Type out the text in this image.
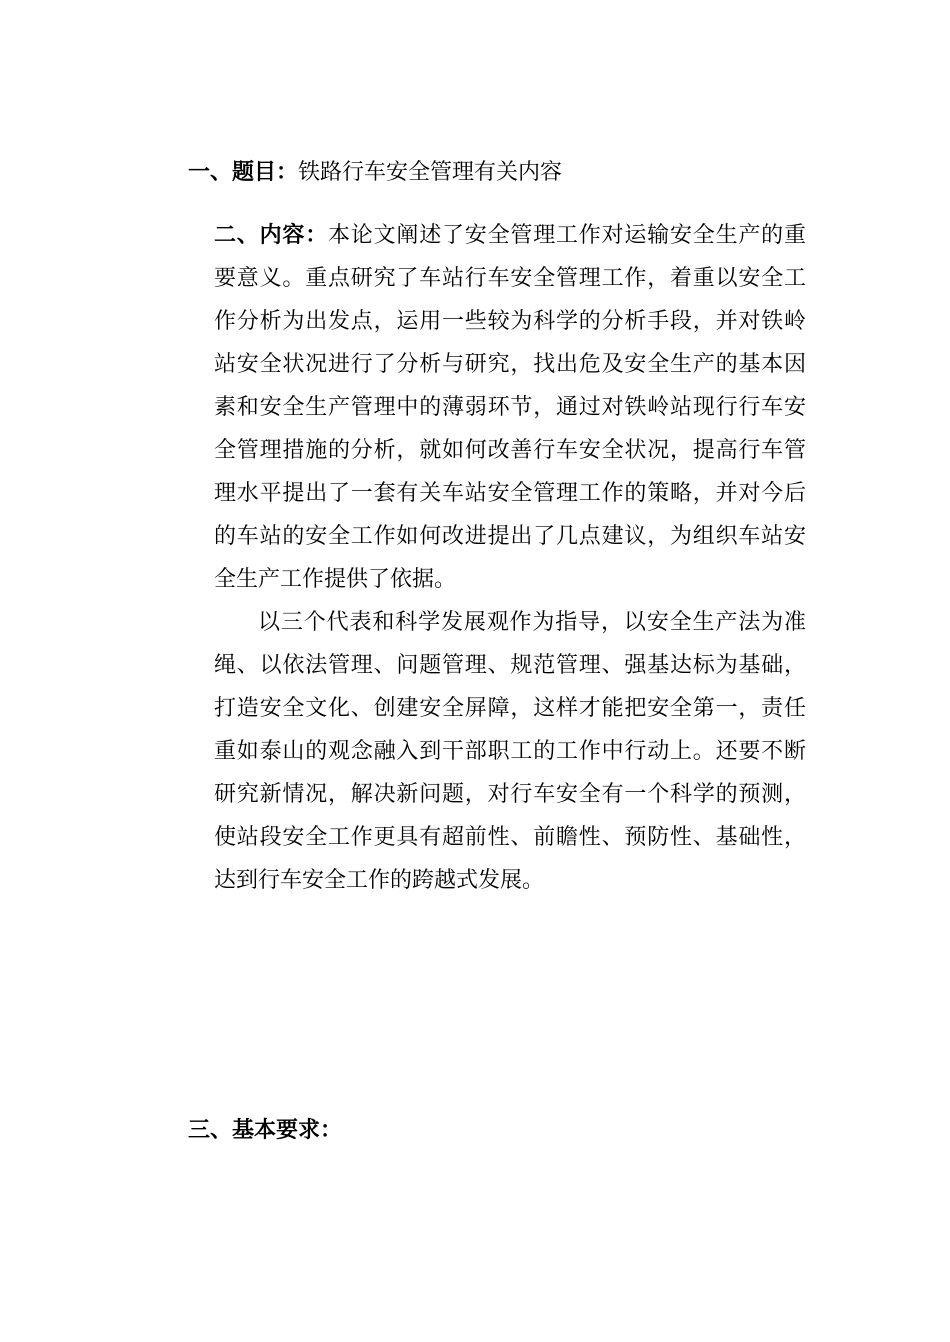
一、题目：铁路行车安全管理有关内容

二、内容：本论文阐述了安全管理工作对运输安全生产的重要意义。重点研究了车站行车安全管理工作，着重以安全工作分析为出发点，运用一些较为科学的分析手段，并对铁岭站安全状况进行了分析与研究，找出危及安全生产的基本因素和安全生产管理中的薄弱环节，通过对铁岭站现行行车安全管理措施的分析，就如何改善行车安全状况，提高行车管理水平提出了一套有关车站安全管理工作的策略，并对今后的车站的安全工作如何改进提出了几点建议，为组织车站安全生产工作提供了依据。

以三个代表和科学发展观作为指导，以安全生产法为准绳、以依法管理、问题管理、规范管理、强基达标为基础，打造安全文化、创建安全屏障，这样才能把安全第一，责任重如泰山的观念融入到干部职工的工作中行动上。还要不断研究新情况，解决新问题，对行车安全有一个科学的预测，使站段安全工作更具有超前性、前瞻性、预防性、基础性，达到行车安全工作的跨越式发展。

三、基本要求：
